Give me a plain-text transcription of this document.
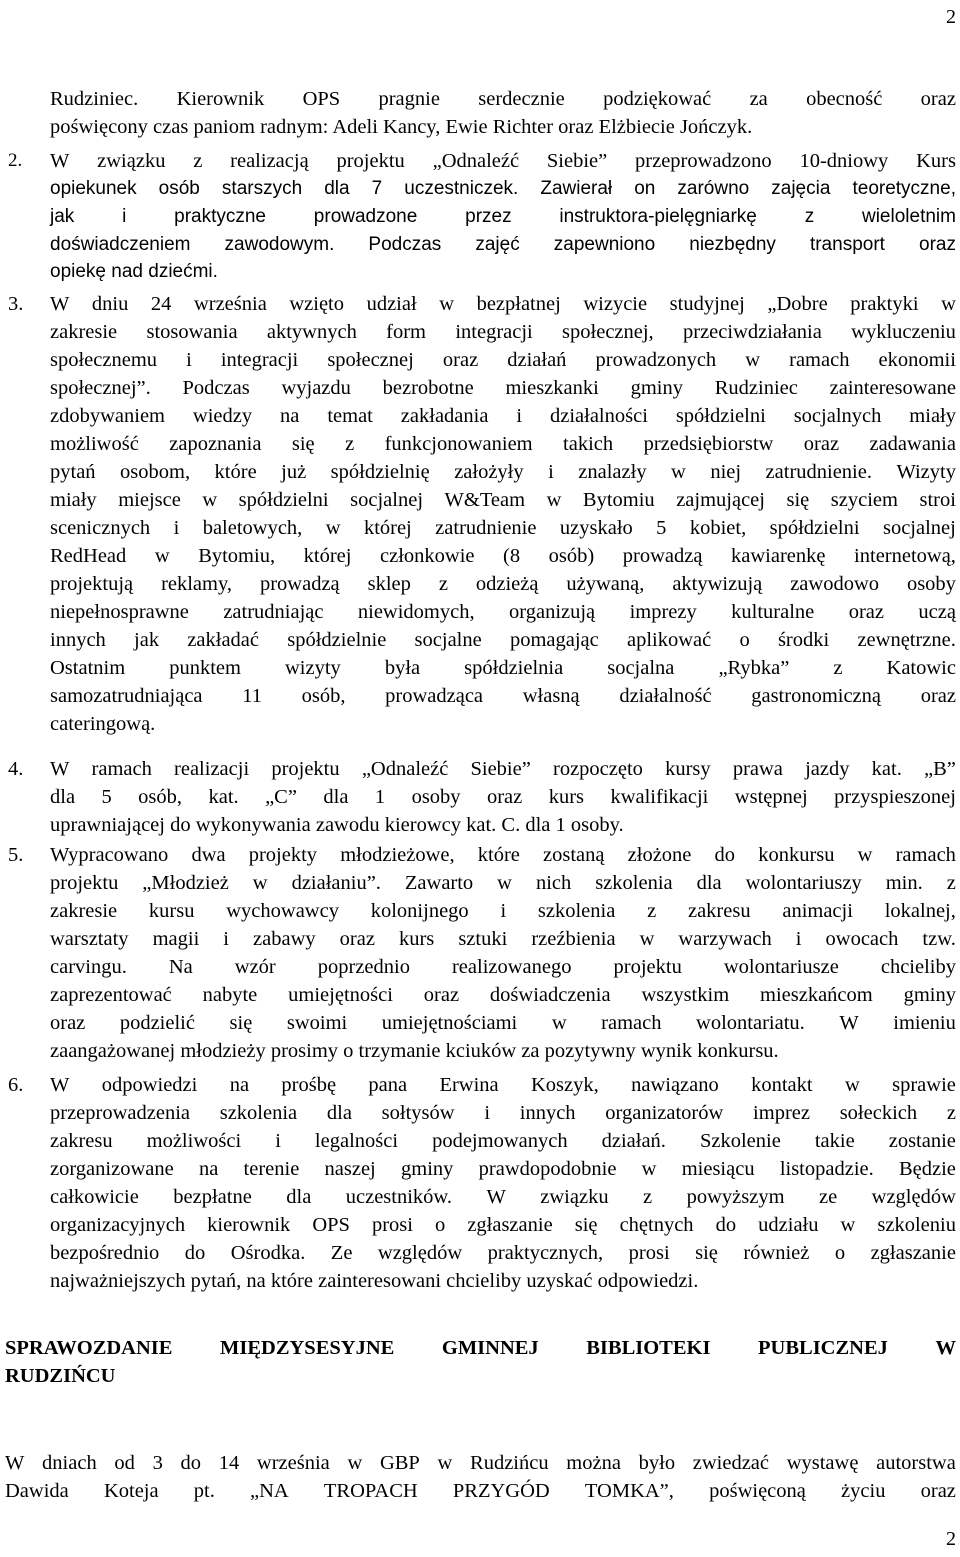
2
2
Rudziniec. Kierownik OPS pragnie serdecznie podziękować za obecność oraz
poświęcony czas paniom radnym: Adeli Kancy, Ewie Richter oraz Elżbiecie Jończyk.
2. W związku z realizacją projektu „Odnaleźć Siebie” przeprowadzono 10-dniowy Kurs
opiekunek osób starszych dla 7 uczestniczek. Zawierał on zarówno zajęcia teoretyczne,
jak	i	praktyczne	prowadzone	przez	instruktora-pielęgniarkę	z	wieloletnim
doświadczeniem zawodowym. Podczas zajęć zapewniono niezbędny transport oraz
opiekę nad dziećmi.
3. W dniu 24 września wzięto udział w bezpłatnej wizycie studyjnej „Dobre praktyki w
zakresie stosowania aktywnych form integracji społecznej, przeciwdziałania wykluczeniu
społecznemu i integracji społecznej oraz działań prowadzonych w ramach ekonomii
społecznej”. Podczas wyjazdu bezrobotne mieszkanki gminy Rudziniec zainteresowane
zdobywaniem wiedzy na temat zakładania i działalności spółdzielni socjalnych miały
możliwość zapoznania się z funkcjonowaniem takich przedsiębiorstw oraz zadawania
pytań osobom, które już spółdzielnię założyły i znalazły w niej zatrudnienie. Wizyty
miały miejsce w spółdzielni socjalnej W&Team w Bytomiu zajmującej się szyciem stroi
scenicznych i baletowych, w której zatrudnienie uzyskało 5 kobiet, spółdzielni socjalnej
RedHead w Bytomiu, której członkowie (8 osób) prowadzą kawiarenkę internetową,
projektują reklamy, prowadzą sklep z odzieżą używaną, aktywizują zawodowo osoby
niepełnosprawne zatrudniając niewidomych, organizują imprezy kulturalne oraz uczą
innych jak zakładać spółdzielnie socjalne pomagając aplikować o środki zewnętrzne.
Ostatnim punktem wizyty była spółdzielnia socjalna „Rybka” z Katowic
samozatrudniająca 11 osób, prowadząca własną działalność gastronomiczną oraz
cateringową.
4. W ramach realizacji projektu „Odnaleźć Siebie” rozpoczęto kursy prawa jazdy kat. „B”
dla 5 osób, kat. „C” dla 1 osoby oraz kurs kwalifikacji wstępnej przyspieszonej
uprawniającej do wykonywania zawodu kierowcy kat. C. dla 1 osoby.
5. Wypracowano dwa projekty młodzieżowe, które zostaną złożone do konkursu w ramach
projektu „Młodzież w działaniu”. Zawarto w nich szkolenia dla wolontariuszy min. z
zakresie kursu wychowawcy kolonijnego i szkolenia z zakresu animacji lokalnej,
warsztaty magii i zabawy oraz kurs sztuki rzeźbienia w warzywach i owocach tzw.
carvingu. Na wzór poprzednio realizowanego projektu wolontariusze chcieliby
zaprezentować nabyte umiejętności oraz doświadczenia wszystkim mieszkańcom gminy
oraz podzielić się swoimi umiejętnościami w ramach wolontariatu. W imieniu
zaangażowanej młodzieży prosimy o trzymanie kciuków za pozytywny wynik konkursu.
6. W odpowiedzi na prośbę pana Erwina Koszyk, nawiązano kontakt w sprawie
przeprowadzenia szkolenia dla sołtysów i innych organizatorów imprez sołeckich z
zakresu możliwości i legalności podejmowanych działań. Szkolenie takie zostanie
zorganizowane na terenie naszej gminy prawdopodobnie w miesiącu listopadzie. Będzie
całkowicie bezpłatne dla uczestników. W związku z powyższym ze względów
organizacyjnych kierownik OPS prosi o zgłaszanie się chętnych do udziału w szkoleniu
bezpośrednio do Ośrodka. Ze względów praktycznych, prosi się również o zgłaszanie
najważniejszych pytań, na które zainteresowani chcieliby uzyskać odpowiedzi.
SPRAWOZDANIE MIĘDZYSESYJNE GMINNEJ BIBLIOTEKI PUBLICZNEJ W
RUDZIŃCU
W dniach od 3 do 14 września w GBP w Rudzińcu można było zwiedzać wystawę autorstwa
Dawida Koteja pt. „NA TROPACH PRZYGÓD TOMKA”, poświęconą życiu oraz
